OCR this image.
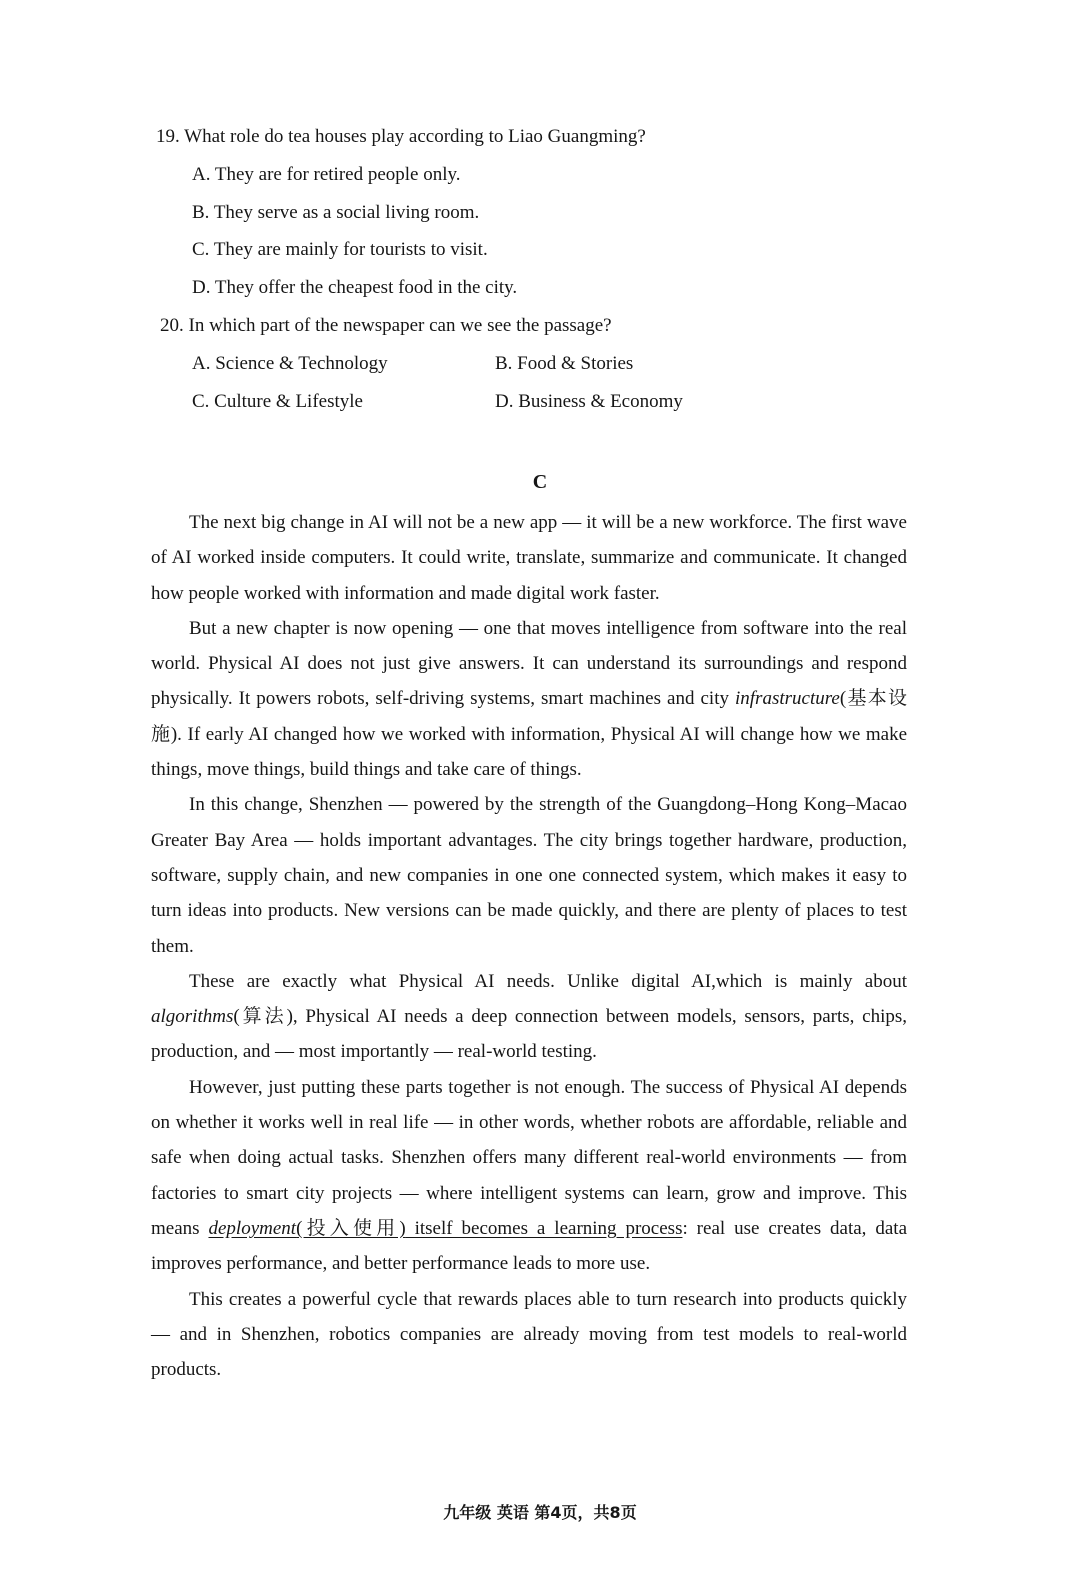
19. What role do tea houses play according to Liao Guangming?
A. They are for retired people only.
B. They serve as a social living room.
C. They are mainly for tourists to visit.
D. They offer the cheapest food in the city.
20. In which part of the newspaper can we see the passage?
A. Science & Technology	B. Food & Stories
C. Culture & Lifestyle	D. Business & Economy
C

The next big change in AI will not be a new app — it will be a new workforce. The first wave of AI worked inside computers. It could write, translate, summarize and communicate. It changed how people worked with information and made digital work faster.

But a new chapter is now opening — one that moves intelligence from software into the real world. Physical AI does not just give answers. It can understand its surroundings and respond physically. It powers robots, self-driving systems, smart machines and city infrastructure(基本设施). If early AI changed how we worked with information, Physical AI will change how we make things, move things, build things and take care of things.

In this change, Shenzhen — powered by the strength of the Guangdong–Hong Kong–Macao Greater Bay Area — holds important advantages. The city brings together hardware, production, software, supply chain, and new companies in one one connected system, which makes it easy to turn ideas into products. New versions can be made quickly, and there are plenty of places to test them.

These are exactly what Physical AI needs. Unlike digital AI,which is mainly about algorithms(算法), Physical AI needs a deep connection between models, sensors, parts, chips, production, and — most importantly — real-world testing.

However, just putting these parts together is not enough. The success of Physical AI depends on whether it works well in real life — in other words, whether robots are affordable, reliable and safe when doing actual tasks. Shenzhen offers many different real-world environments — from factories to smart city projects — where intelligent systems can learn, grow and improve. This means deployment(投入使用) itself becomes a learning process: real use creates data, data improves performance, and better performance leads to more use.

This creates a powerful cycle that rewards places able to turn research into products quickly — and in Shenzhen, robotics companies are already moving from test models to real-world products.

九年级 英语 第4页，共8页
